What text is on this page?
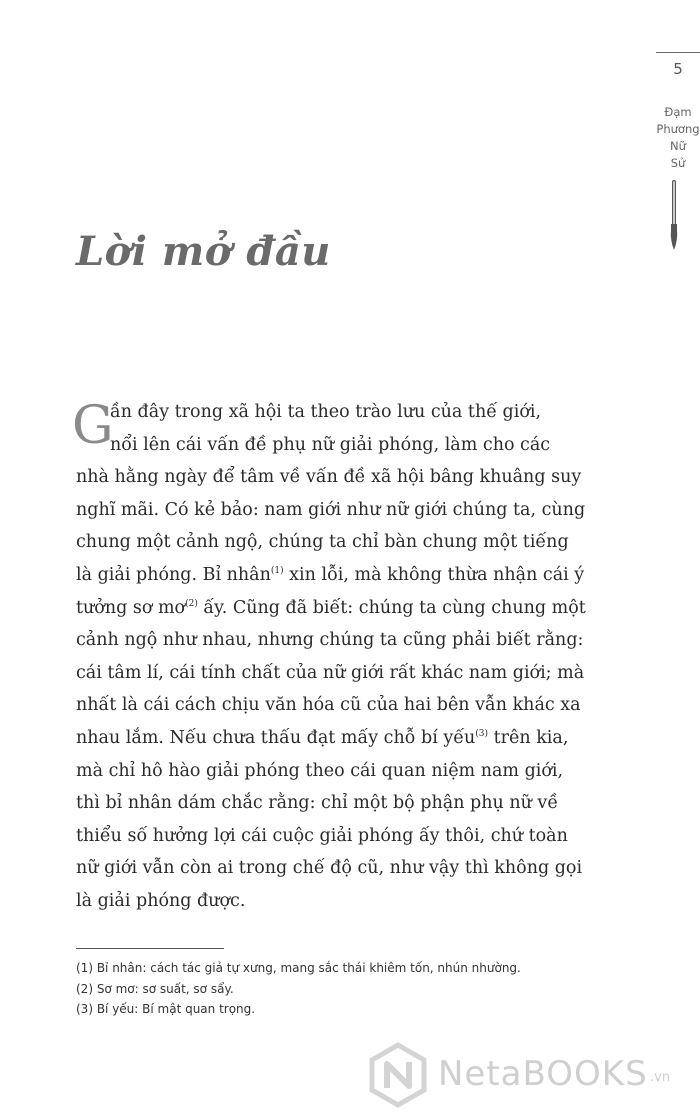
5
Đạm
Phương
Nữ
Sử
Lời mở đầu
G
ần đây trong xã hội ta theo trào lưu của thế giới,
nổi lên cái vấn đề phụ nữ giải phóng, làm cho các
nhà hằng ngày để tâm về vấn đề xã hội bâng khuâng suy
nghĩ mãi. Có kẻ bảo: nam giới như nữ giới chúng ta, cùng
chung một cảnh ngộ, chúng ta chỉ bàn chung một tiếng
là giải phóng. Bỉ nhân$^{(1)}$ xin lỗi, mà không thừa nhận cái ý
tưởng sơ $mơ^{(2)}$ ấy. Cũng đã biết: chúng ta cùng chung một
cảnh ngộ như nhau, nhưng chúng ta cũng phải biết rằng:
cái tâm lí, cái tính chất của nữ giới rất khác nam giới; mà
nhất là cái cách chịu văn hóa cũ của hai bên vẫn khác xa
nhau lắm. Nếu chưa thấu đạt mấy chỗ bí yếu$^{(3)}$ trên kia,
mà chỉ hô hào giải phóng theo cái quan niệm nam giới,
thì bỉ nhân dám chắc rằng: chỉ một bộ phận phụ nữ về
thiểu số hưởng lợi cái cuộc giải phóng ấy thôi, chứ toàn
nữ giới vẫn còn ai trong chế độ cũ, như vậy thì không gọi
là giải phóng được.
(1) Bỉ nhân: cách tác giả tự xưng, mang sắc thái khiêm tốn, nhún nhường.
(2) Sơ mơ: sơ suất, sơ sẩy.
(3) Bí yếu: Bí mật quan trọng.
NetaBOOKS .vn
